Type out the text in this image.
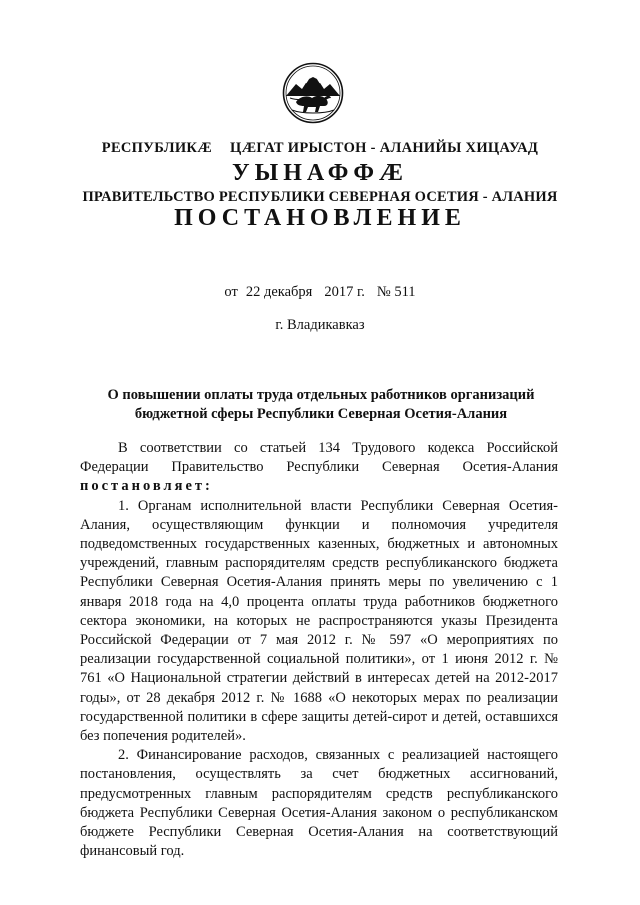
РЕСПУБЛИКӔ ЦӔГАТ ИРЫСТОН - АЛАНИЙЫ ХИЦАУАД
УЫНАФФӔ
ПРАВИТЕЛЬСТВО РЕСПУБЛИКИ СЕВЕРНАЯ ОСЕТИЯ - АЛАНИЯ
ПОСТАНОВЛЕНИЕ
от 22 декабря 2017 г. № 511
г. Владикавказ
О повышении оплаты труда отдельных работников организаций
бюджетной сферы Республики Северная Осетия-Алания

В соответствии со статьей 134 Трудового кодекса Российской Федерации Правительство Республики Северная Осетия-Алания постановляет:

1. Органам исполнительной власти Республики Северная Осетия-Алания, осуществляющим функции и полномочия учредителя подведомственных государственных казенных, бюджетных и автономных учреждений, главным распорядителям средств республиканского бюджета Республики Северная Осетия-Алания принять меры по увеличению с 1 января 2018 года на 4,0 процента оплаты труда работников бюджетного сектора экономики, на которых не распространяются указы Президента Российской Федерации от 7 мая 2012 г. № 597 «О мероприятиях по реализации государственной социальной политики», от 1 июня 2012 г. № 761 «О Национальной стратегии действий в интересах детей на 2012-2017 годы», от 28 декабря 2012 г. № 1688 «О некоторых мерах по реализации государственной политики в сфере защиты детей-сирот и детей, оставшихся без попечения родителей».

2. Финансирование расходов, связанных с реализацией настоящего постановления, осуществлять за счет бюджетных ассигнований, предусмотренных главным распорядителям средств республиканского бюджета Республики Северная Осетия-Алания законом о республиканском бюджете Республики Северная Осетия-Алания на соответствующий финансовый год.
